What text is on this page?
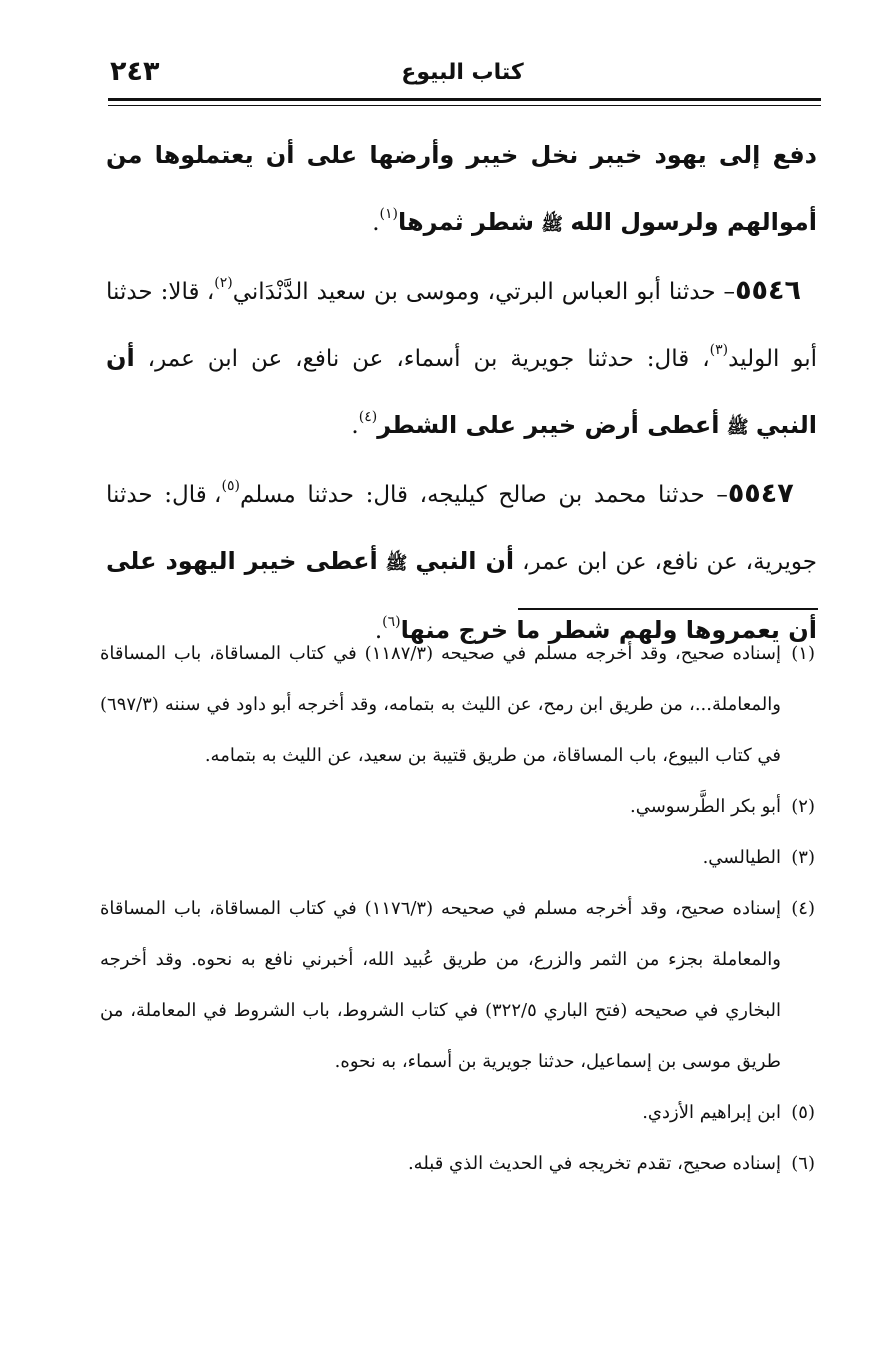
كتاب البيوع
٢٤٣

دفع إلى يهود خيبر نخل خيبر وأرضها على أن يعتملوها من أموالهم ولرسول الله ﷺ شطر ثمرها$^{(١)}$.

٥٥٤٦– حدثنا أبو العباس البرتي، وموسى بن سعيد الدَّنْدَاني$^{(٢)}$، قالا: حدثنا أبو الوليد$^{(٣)}$، قال: حدثنا جويرية بن أسماء، عن نافع، عن ابن عمر، أن النبي ﷺ أعطى أرض خيبر على الشطر$^{(٤)}$.

٥٥٤٧– حدثنا محمد بن صالح كيليجه، قال: حدثنا مسلم$^{(٥)}$، قال: حدثنا جويرية، عن نافع، عن ابن عمر، أن النبي ﷺ أعطى خيبر اليهود على أن يعمروها ولهم شطر ما خرج منها$^{(٦)}$.

(١)
إسناده صحيح، وقد أخرجه مسلم في صحيحه (١١٨٧/٣) في كتاب المساقاة، باب المساقاة والمعاملة...، من طريق ابن رمح، عن الليث به بتمامه، وقد أخرجه أبو داود في سننه (٦٩٧/٣) في كتاب البيوع، باب المساقاة، من طريق قتيبة بن سعيد، عن الليث به بتمامه.

(٢)
أبو بكر الطَّرسوسي.

(٣)
الطيالسي.

(٤)
إسناده صحيح، وقد أخرجه مسلم في صحيحه (١١٧٦/٣) في كتاب المساقاة، باب المساقاة والمعاملة بجزء من الثمر والزرع، من طريق عُبيد الله، أخبرني نافع به نحوه. وقد أخرجه البخاري في صحيحه (فتح الباري ٣٢٢/٥) في كتاب الشروط، باب الشروط في المعاملة، من طريق موسى بن إسماعيل، حدثنا جويرية بن أسماء، به نحوه.

(٥)
ابن إبراهيم الأزدي.

(٦)
إسناده صحيح، تقدم تخريجه في الحديث الذي قبله.
